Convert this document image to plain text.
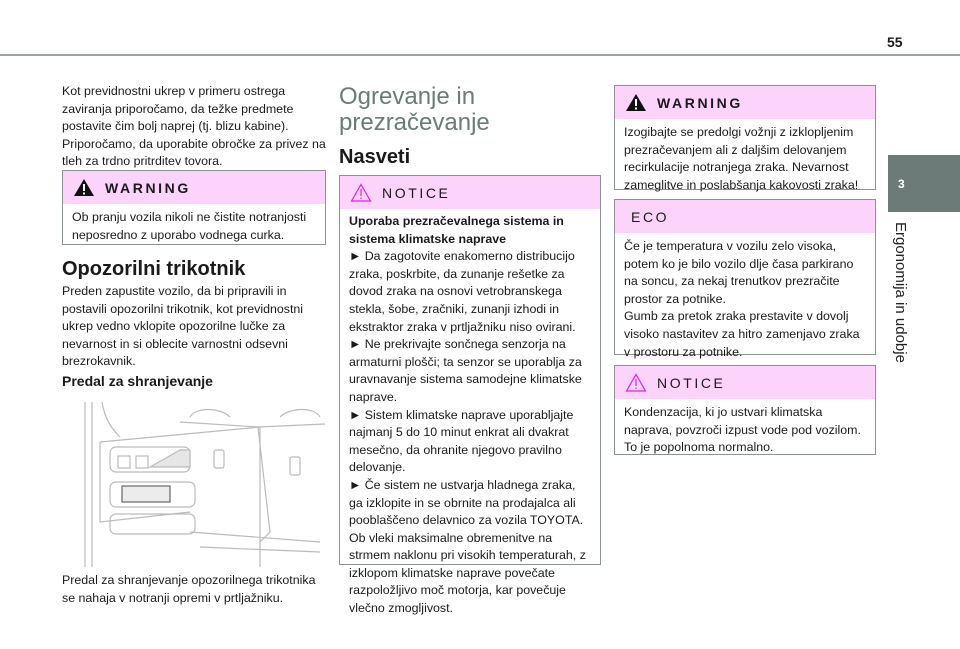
55
3
Ergonomija in udobje
Kot previdnostni ukrep v primeru ostrega zaviranja priporočamo, da težke predmete postavite čim bolj naprej (tj. blizu kabine). Priporočamo, da uporabite obročke za privez na tleh za trdno pritrditev tovora.
WARNING
Ob pranju vozila nikoli ne čistite notranjosti neposredno z uporabo vodnega curka.
Opozorilni trikotnik
Preden zapustite vozilo, da bi pripravili in postavili opozorilni trikotnik, kot previdnostni ukrep vedno vklopite opozorilne lučke za nevarnost in si oblecite varnostni odsevni brezrokavnik.
Predal za shranjevanje
Predal za shranjevanje opozorilnega trikotnika se nahaja v notranji opremi v prtljažniku.
Ogrevanje in prezračevanje
Nasveti
NOTICE
Uporaba prezračevalnega sistema in sistema klimatske naprave
► Da zagotovite enakomerno distribucijo zraka, poskrbite, da zunanje rešetke za dovod zraka na osnovi vetrobranskega stekla, šobe, zračniki, zunanji izhodi in ekstraktor zraka v prtljažniku niso ovirani.
► Ne prekrivajte sončnega senzorja na armaturni plošči; ta senzor se uporablja za uravnavanje sistema samodejne klimatske naprave.
► Sistem klimatske naprave uporabljajte najmanj 5 do 10 minut enkrat ali dvakrat mesečno, da ohranite njegovo pravilno delovanje.
► Če sistem ne ustvarja hladnega zraka, ga izklopite in se obrnite na prodajalca ali pooblaščeno delavnico za vozila TOYOTA.
Ob vleki maksimalne obremenitve na strmem naklonu pri visokih temperaturah, z izklopom klimatske naprave povečate razpoložljivo moč motorja, kar povečuje vlečno zmogljivost.
WARNING
Izogibajte se predolgi vožnji z izklopljenim prezračevanjem ali z daljšim delovanjem recirkulacije notranjega zraka. Nevarnost zameglitve in poslabšanja kakovosti zraka!
ECO
Če je temperatura v vozilu zelo visoka, potem ko je bilo vozilo dlje časa parkirano na soncu, za nekaj trenutkov prezračite prostor za potnike.
Gumb za pretok zraka prestavite v dovolj visoko nastavitev za hitro zamenjavo zraka v prostoru za potnike.
NOTICE
Kondenzacija, ki jo ustvari klimatska naprava, povzroči izpust vode pod vozilom. To je popolnoma normalno.
